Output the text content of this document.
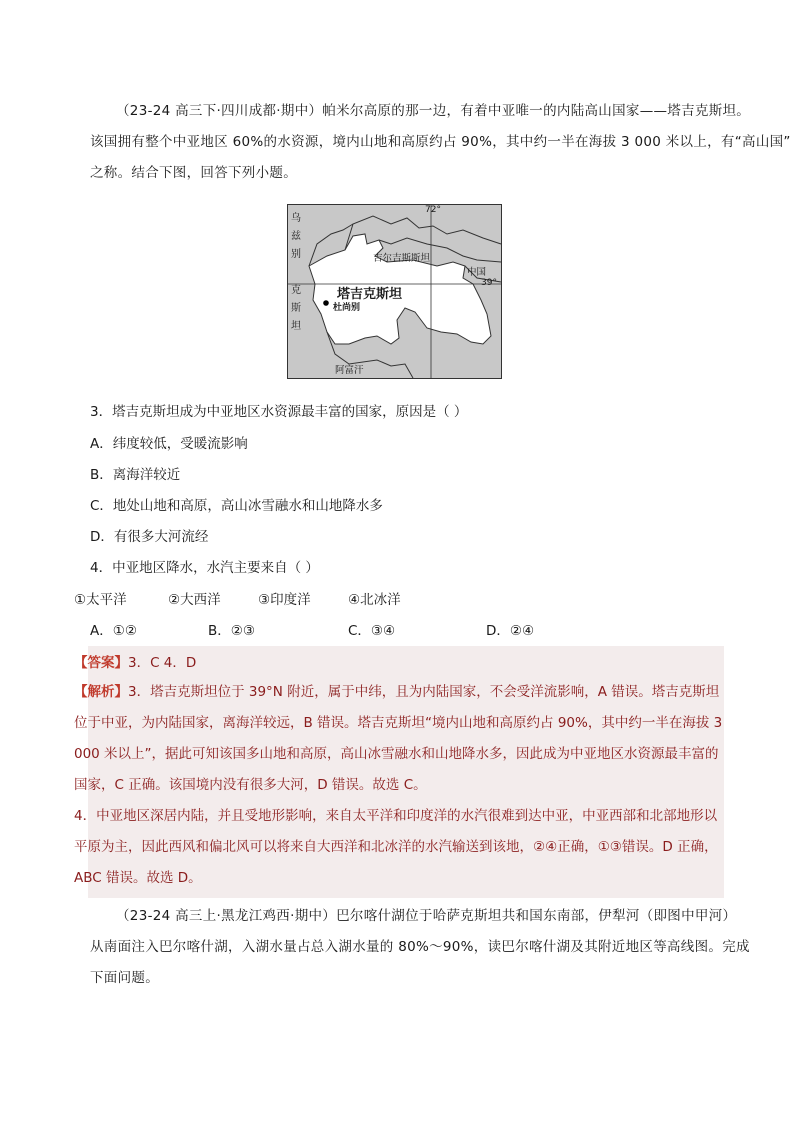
（23-24 高三下·四川成都·期中）帕米尔高原的那一边，有着中亚唯一的内陆高山国家——塔吉克斯坦。
该国拥有整个中亚地区 60%的水资源，境内山地和高原约占 90%，其中约一半在海拔 3 000 米以上，有“高山国”
之称。结合下图，回答下列小题。
72°
39°
乌
兹
别
克
斯
坦
吉尔吉斯斯坦
中国
塔吉克斯坦
杜尚别
阿富汗
3．塔吉克斯坦成为中亚地区水资源最丰富的国家，原因是（ ）
A．纬度较低，受暖流影响
B．离海洋较近
C．地处山地和高原，高山冰雪融水和山地降水多
D．有很多大河流经
4．中亚地区降水，水汽主要来自（ ）
①太平洋	②大西洋	③印度洋	④北冰洋
A．①②	B．②③	C．③④	D．②④
【答案】3．C 4．D
【解析】3．塔吉克斯坦位于 39°N 附近，属于中纬，且为内陆国家，不会受洋流影响，A 错误。塔吉克斯坦位于中亚，为内陆国家，离海洋较远，B 错误。塔吉克斯坦“境内山地和高原约占 90%，其中约一半在海拔 3 000 米以上”，据此可知该国多山地和高原，高山冰雪融水和山地降水多，因此成为中亚地区水资源最丰富的国家，C 正确。该国境内没有很多大河，D 错误。故选 C。
4．中亚地区深居内陆，并且受地形影响，来自太平洋和印度洋的水汽很难到达中亚，中亚西部和北部地形以平原为主，因此西风和偏北风可以将来自大西洋和北冰洋的水汽输送到该地，②④正确，①③错误。D 正确，ABC 错误。故选 D。
（23-24 高三上·黑龙江鸡西·期中）巴尔喀什湖位于哈萨克斯坦共和国东南部，伊犁河（即图中甲河）
从南面注入巴尔喀什湖，入湖水量占总入湖水量的 80%～90%，读巴尔喀什湖及其附近地区等高线图。完成
下面问题。
